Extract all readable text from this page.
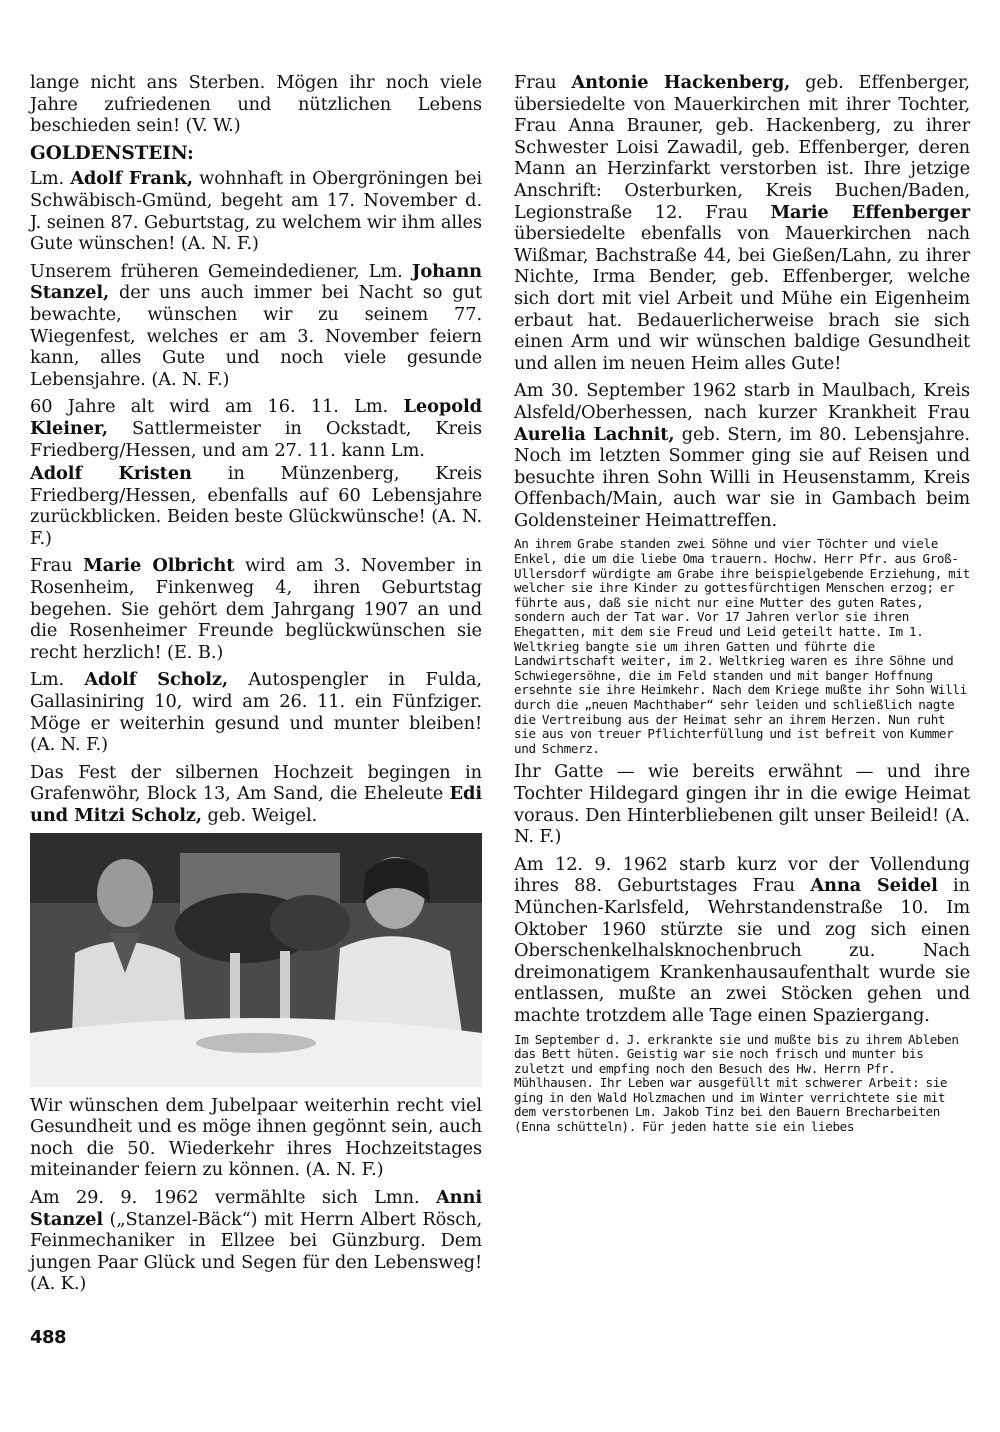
lange nicht ans Sterben. Mögen ihr noch viele Jahre zufriedenen und nützlichen Lebens beschieden sein! (V. W.)

GOLDENSTEIN:

Lm. Adolf Frank, wohnhaft in Obergröningen bei Schwäbisch-Gmünd, begeht am 17. November d. J. seinen 87. Geburtstag, zu welchem wir ihm alles Gute wünschen! (A. N. F.)

Unserem früheren Gemeindediener, Lm. Johann Stanzel, der uns auch immer bei Nacht so gut bewachte, wünschen wir zu seinem 77. Wiegenfest, welches er am 3. November feiern kann, alles Gute und noch viele gesunde Lebensjahre. (A. N. F.)

60 Jahre alt wird am 16. 11. Lm. Leopold Kleiner, Sattlermeister in Ockstadt, Kreis Friedberg/Hessen, und am 27. 11. kann Lm.

Adolf Kristen in Münzenberg, Kreis Friedberg/Hessen, ebenfalls auf 60 Lebensjahre zurückblicken. Beiden beste Glückwünsche! (A. N. F.)

Frau Marie Olbricht wird am 3. November in Rosenheim, Finkenweg 4, ihren Geburtstag begehen. Sie gehört dem Jahrgang 1907 an und die Rosenheimer Freunde beglückwünschen sie recht herzlich! (E. B.)

Lm. Adolf Scholz, Autospengler in Fulda, Gallasiniring 10, wird am 26. 11. ein Fünfziger. Möge er weiterhin gesund und munter bleiben! (A. N. F.)

Das Fest der silbernen Hochzeit begingen in Grafenwöhr, Block 13, Am Sand, die Eheleute Edi und Mitzi Scholz, geb. Weigel.

Wir wünschen dem Jubelpaar weiterhin recht viel Gesundheit und es möge ihnen gegönnt sein, auch noch die 50. Wiederkehr ihres Hochzeitstages miteinander feiern zu können. (A. N. F.)

Am 29. 9. 1962 vermählte sich Lmn. Anni Stanzel („Stanzel-Bäck“) mit Herrn Albert Rösch, Feinmechaniker in Ellzee bei Günzburg. Dem jungen Paar Glück und Segen für den Lebensweg! (A. K.)

Frau Antonie Hackenberg, geb. Effenberger, übersiedelte von Mauerkirchen mit ihrer Tochter, Frau Anna Brauner, geb. Hackenberg, zu ihrer Schwester Loisi Zawadil, geb. Effenberger, deren Mann an Herzinfarkt verstorben ist. Ihre jetzige Anschrift: Osterburken, Kreis Buchen/Baden, Legionstraße 12. Frau Marie Effenberger übersiedelte ebenfalls von Mauerkirchen nach Wißmar, Bachstraße 44, bei Gießen/Lahn, zu ihrer Nichte, Irma Bender, geb. Effenberger, welche sich dort mit viel Arbeit und Mühe ein Eigenheim erbaut hat. Bedauerlicherweise brach sie sich einen Arm und wir wünschen baldige Gesundheit und allen im neuen Heim alles Gute!

Am 30. September 1962 starb in Maulbach, Kreis Alsfeld/Oberhessen, nach kurzer Krankheit Frau Aurelia Lachnit, geb. Stern, im 80. Lebensjahre. Noch im letzten Sommer ging sie auf Reisen und besuchte ihren Sohn Willi in Heusenstamm, Kreis Offenbach/Main, auch war sie in Gambach beim Goldensteiner Heimattreffen.

An ihrem Grabe standen zwei Söhne und vier Töchter und viele Enkel, die um die liebe Oma trauern. Hochw. Herr Pfr. aus Groß-Ullersdorf würdigte am Grabe ihre beispielgebende Erziehung, mit welcher sie ihre Kinder zu gottesfürchtigen Menschen erzog; er führte aus, daß sie nicht nur eine Mutter des guten Rates, sondern auch der Tat war. Vor 17 Jahren verlor sie ihren Ehegatten, mit dem sie Freud und Leid geteilt hatte. Im 1. Weltkrieg bangte sie um ihren Gatten und führte die Landwirtschaft weiter, im 2. Weltkrieg waren es ihre Söhne und Schwiegersöhne, die im Feld standen und mit banger Hoffnung ersehnte sie ihre Heimkehr. Nach dem Kriege mußte ihr Sohn Willi durch die „neuen Machthaber“ sehr leiden und schließlich nagte die Vertreibung aus der Heimat sehr an ihrem Herzen. Nun ruht sie aus von treuer Pflichterfüllung und ist befreit von Kummer und Schmerz.

Ihr Gatte — wie bereits erwähnt — und ihre Tochter Hildegard gingen ihr in die ewige Heimat voraus. Den Hinterbliebenen gilt unser Beileid! (A. N. F.)

Am 12. 9. 1962 starb kurz vor der Vollendung ihres 88. Geburtstages Frau Anna Seidel in München-Karlsfeld, Wehrstandenstraße 10. Im Oktober 1960 stürzte sie und zog sich einen Oberschenkelhalsknochenbruch zu. Nach dreimonatigem Krankenhausaufenthalt wurde sie entlassen, mußte an zwei Stöcken gehen und machte trotzdem alle Tage einen Spaziergang.

Im September d. J. erkrankte sie und mußte bis zu ihrem Ableben das Bett hüten. Geistig war sie noch frisch und munter bis zuletzt und empfing noch den Besuch des Hw. Herrn Pfr. Mühlhausen. Ihr Leben war ausgefüllt mit schwerer Arbeit: sie ging in den Wald Holzmachen und im Winter verrichtete sie mit dem verstorbenen Lm. Jakob Tinz bei den Bauern Brecharbeiten (Enna schütteln). Für jeden hatte sie ein liebes

488
